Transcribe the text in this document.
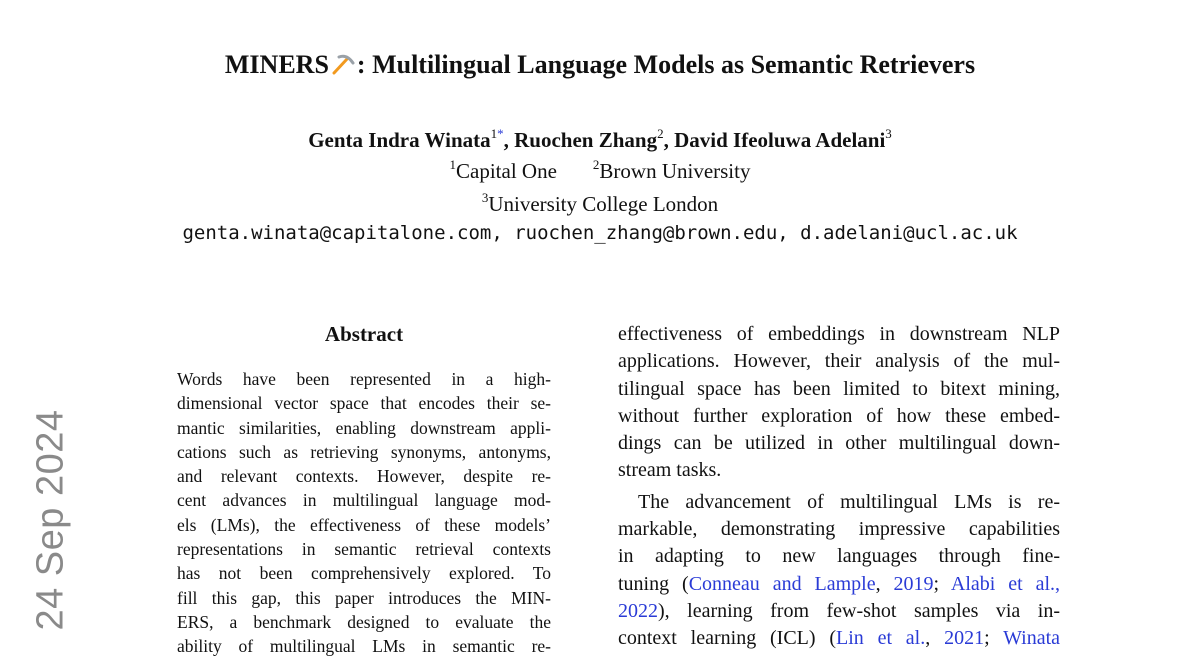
MINERS : Multilingual Language Models as Semantic Retrievers
Genta Indra Winata$^{1*}$, Ruochen Zhang$^2$, David Ifeoluwa Adelani$^3$
$^1$Capital One	$^2$Brown University
$^3$University College London
genta.winata@capitalone.com, ruochen_zhang@brown.edu, d.adelani@ucl.ac.uk
24 Sep 2024
Abstract
Words have been represented in a high-
dimensional vector space that encodes their se-
mantic similarities, enabling downstream appli-
cations such as retrieving synonyms, antonyms,
and relevant contexts. However, despite re-
cent advances in multilingual language mod-
els (LMs), the effectiveness of these models’
representations in semantic retrieval contexts
has not been comprehensively explored. To
fill this gap, this paper introduces the MIN-
ERS, a benchmark designed to evaluate the
ability of multilingual LMs in semantic re-
effectiveness of embeddings in downstream NLP
applications. However, their analysis of the mul-
tilingual space has been limited to bitext mining,
without further exploration of how these embed-
dings can be utilized in other multilingual down-
stream tasks.
 The advancement of multilingual LMs is re-
markable, demonstrating impressive capabilities
in adapting to new languages through fine-
tuning (Conneau and Lample, 2019; Alabi et al.,
2022), learning from few-shot samples via in-
context learning (ICL) (Lin et al., 2021; Winata
